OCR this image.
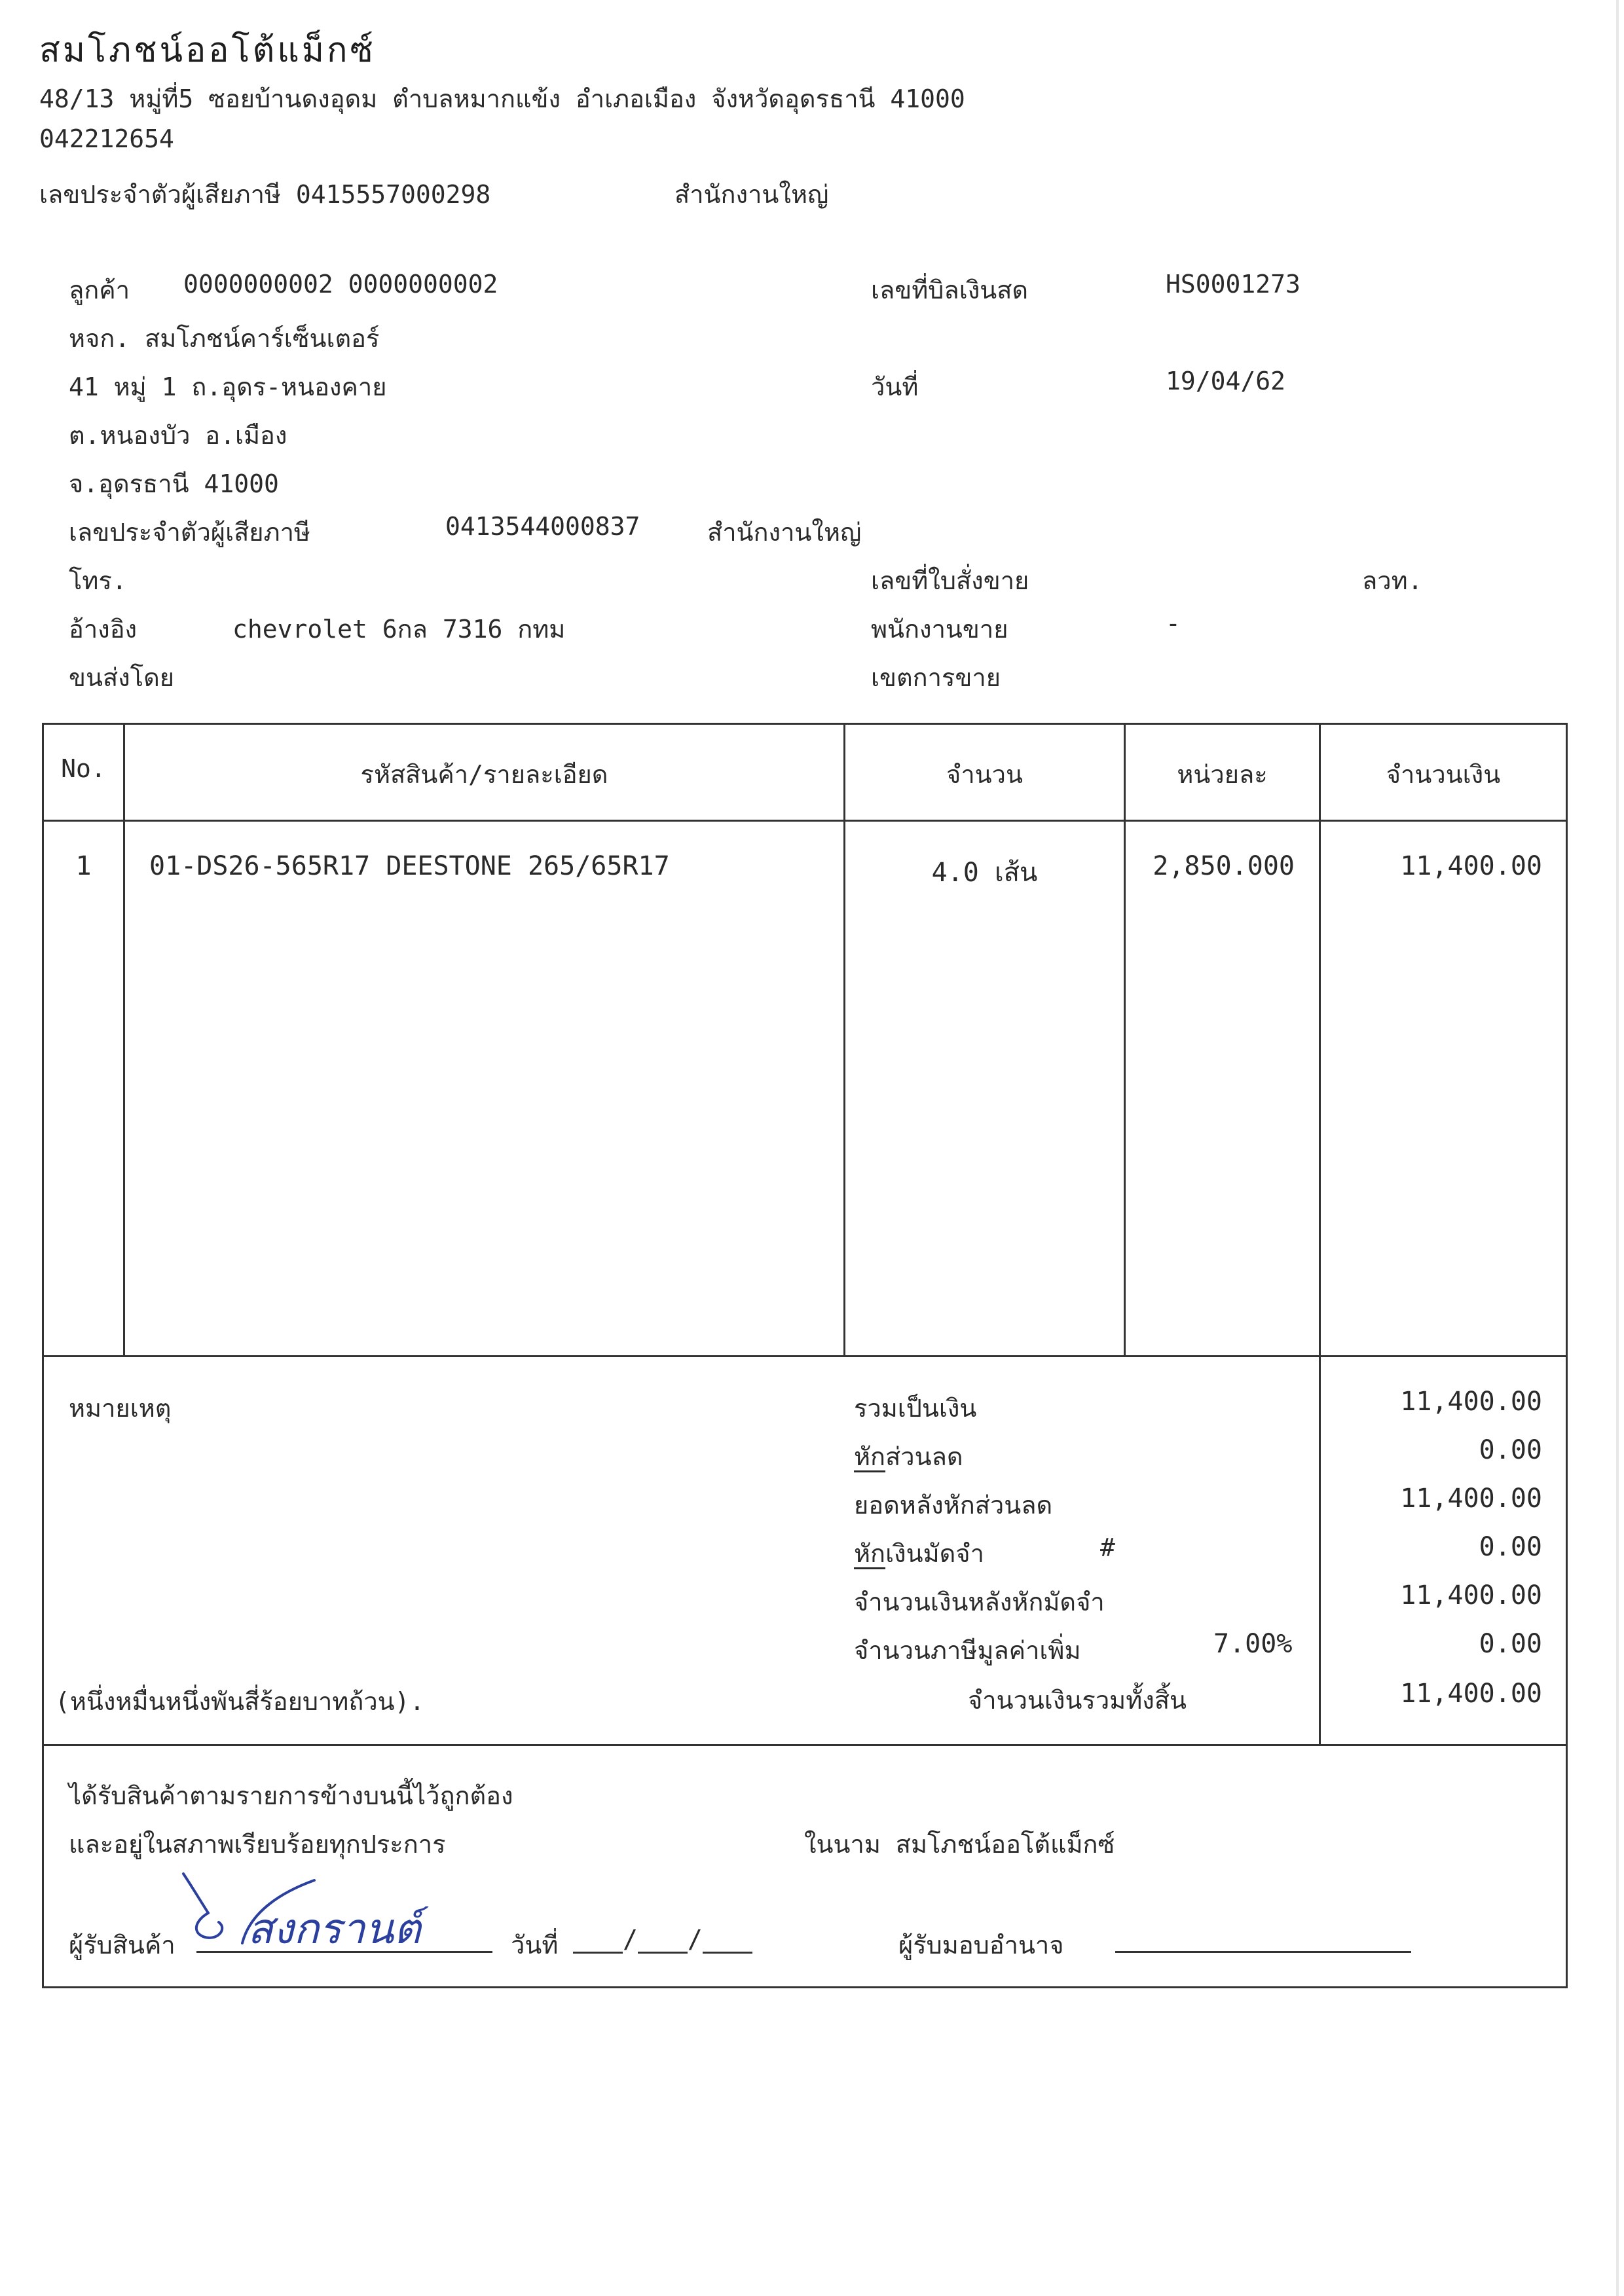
สมโภชน์ออโต้แม็กซ์
48/13 หมู่ที่5 ซอยบ้านดงอุดม ตำบลหมากแข้ง อำเภอเมือง จังหวัดอุดรธานี 41000
042212654
เลขประจำตัวผู้เสียภาษี 0415557000298	สำนักงานใหญ่
ลูกค้า 0000000002 0000000002
หจก. สมโภชน์คาร์เซ็นเตอร์
41 หมู่ 1 ถ.อุดร-หนองคาย
ต.หนองบัว อ.เมือง
จ.อุดรธานี 41000
เลขประจำตัวผู้เสียภาษี	0413544000837	สำนักงานใหญ่
โทร.
อ้างอิง	chevrolet 6กล 7316 กทม
ขนส่งโดย
เลขที่บิลเงินสด	HS0001273
วันที่	19/04/62
เลขที่ใบสั่งขาย	ลวท.
พนักงานขาย	-
เขตการขาย
No.	รหัสสินค้า/รายละเอียด	จำนวน	หน่วยละ	จำนวนเงิน
1	01-DS26-565R17 DEESTONE 265/65R17	4.0 เส้น	2,850.000	11,400.00
หมายเหตุ
(หนึ่งหมื่นหนึ่งพันสี่ร้อยบาทถ้วน).
รวมเป็นเงิน	11,400.00
หักส่วนลด	0.00
ยอดหลังหักส่วนลด	11,400.00
หักเงินมัดจำ	#	0.00
จำนวนเงินหลังหักมัดจำ	11,400.00
จำนวนภาษีมูลค่าเพิ่ม	7.00%	0.00
จำนวนเงินรวมทั้งสิ้น	11,400.00
ได้รับสินค้าตามรายการข้างบนนี้ไว้ถูกต้อง
และอยู่ในสภาพเรียบร้อยทุกประการ	ในนาม สมโภชน์ออโต้แม็กซ์
ผู้รับสินค้า สงกรานต์	วันที่	/ /	ผู้รับมอบอำนาจ
